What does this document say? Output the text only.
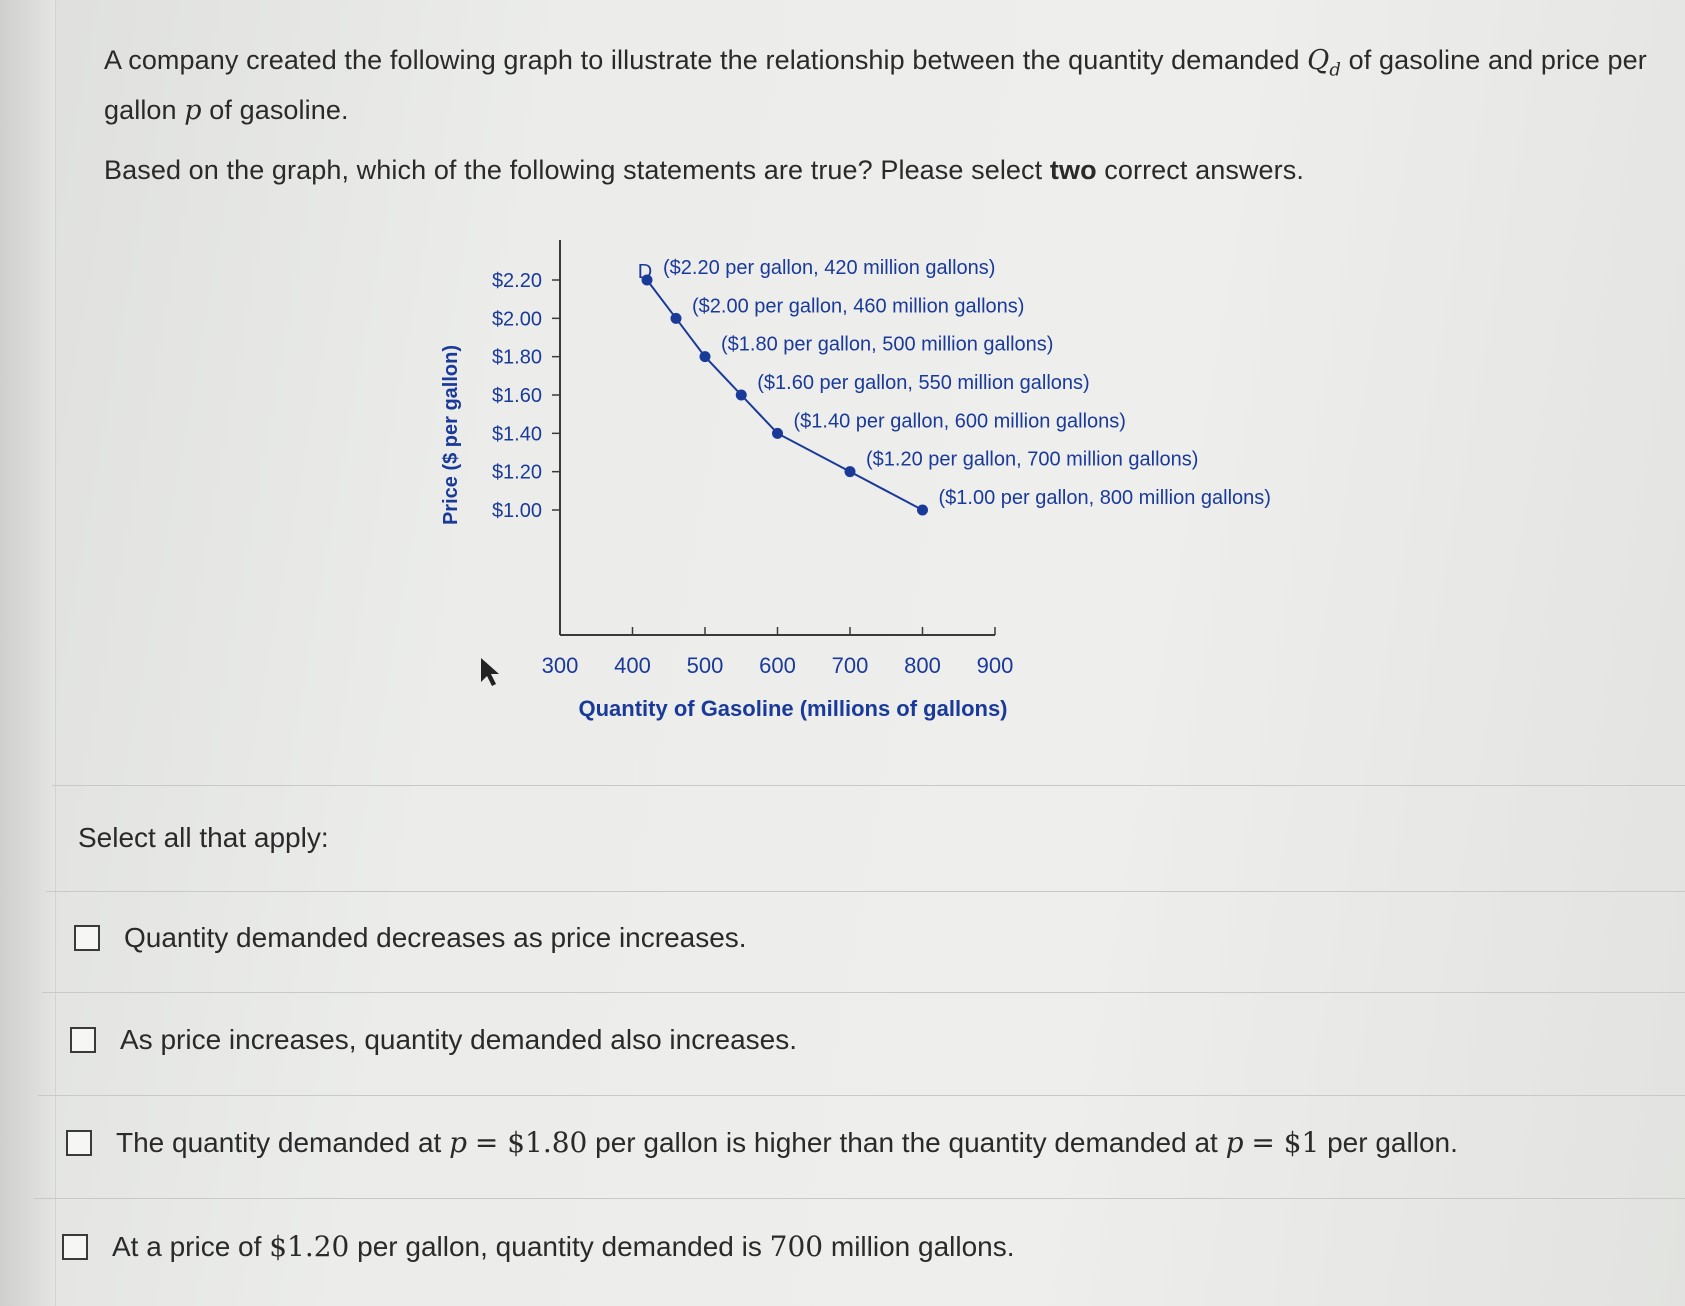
A company created the following graph to illustrate the relationship between the quantity demanded $Q_d$ of gasoline and price per gallon p of gasoline.
Based on the graph, which of the following statements are true? Please select two correct answers.
$2.20
$2.00
$1.80
$1.60
$1.40
$1.20
$1.00
300 400 500 600 700 800 900
($2.20 per gallon, 420 million gallons)
($2.00 per gallon, 460 million gallons)
($1.80 per gallon, 500 million gallons)
($1.60 per gallon, 550 million gallons)
($1.40 per gallon, 600 million gallons)
($1.20 per gallon, 700 million gallons)
($1.00 per gallon, 800 million gallons)
D
Price ($ per gallon)
Quantity of Gasoline (millions of gallons)
Select all that apply:
Quantity demanded decreases as price increases.
As price increases, quantity demanded also increases.
The quantity demanded at p = $1.80 per gallon is higher than the quantity demanded at p = $1 per gallon.
At a price of $1.20 per gallon, quantity demanded is 700 million gallons.
